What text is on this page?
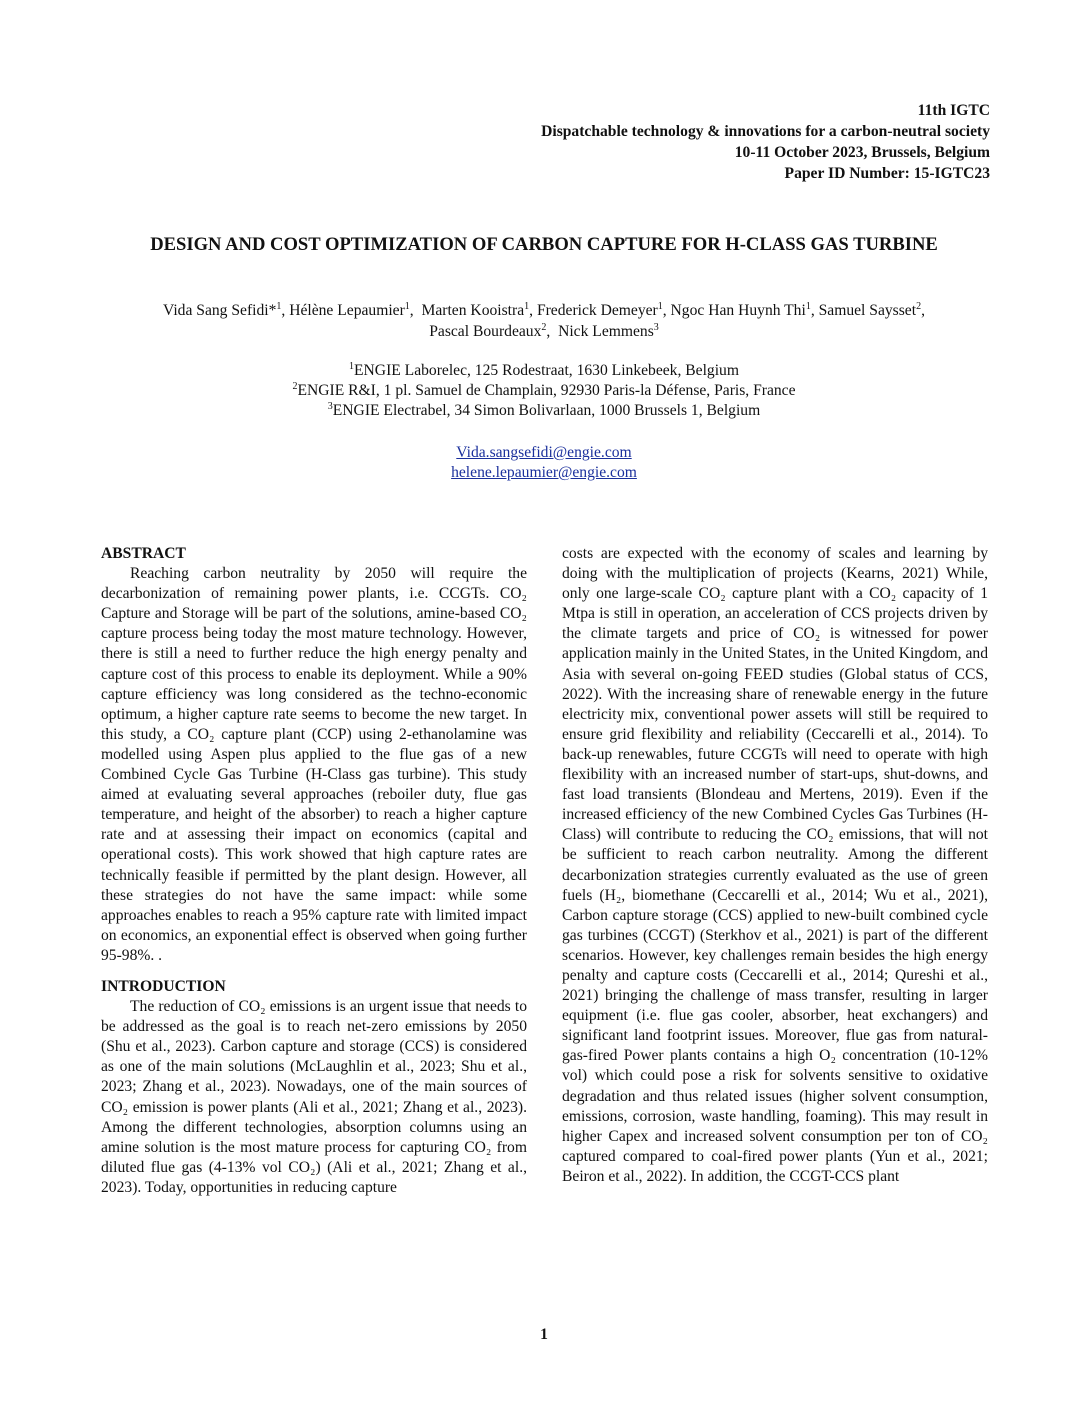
11th IGTC
Dispatchable technology & innovations for a carbon-neutral society
10-11 October 2023, Brussels, Belgium
Paper ID Number: 15-IGTC23
DESIGN AND COST OPTIMIZATION OF CARBON CAPTURE FOR H-CLASS GAS TURBINE
Vida Sang Sefidi*$^1$, Hélène Lepaumier$^1$,  Marten Kooistra$^1$, Frederick Demeyer$^1$, Ngoc Han Huynh Thi$^1$, Samuel Saysset$^2$,
Pascal Bourdeaux$^2$,  Nick Lemmens$^3$
$^1$ENGIE Laborelec, 125 Rodestraat, 1630 Linkebeek, Belgium
$^2$ENGIE R&I, 1 pl. Samuel de Champlain, 92930 Paris-la Défense, Paris, France
$^3$ENGIE Electrabel, 34 Simon Bolivarlaan, 1000 Brussels 1, Belgium
Vida.sangsefidi@engie.com
helene.lepaumier@engie.com
ABSTRACT

Reaching carbon neutrality by 2050 will require the decarbonization of remaining power plants, i.e. CCGTs. CO₂ Capture and Storage will be part of the solutions, amine-based CO₂ capture process being today the most mature technology. However, there is still a need to further reduce the high energy penalty and capture cost of this process to enable its deployment. While a 90% capture efficiency was long considered as the techno-economic optimum, a higher capture rate seems to become the new target. In this study, a CO₂ capture plant (CCP) using 2-ethanolamine was modelled using Aspen plus applied to the flue gas of a new Combined Cycle Gas Turbine (H-Class gas turbine). This study aimed at evaluating several approaches (reboiler duty, flue gas temperature, and height of the absorber) to reach a higher capture rate and at assessing their impact on economics (capital and operational costs). This work showed that high capture rates are technically feasible if permitted by the plant design. However, all these strategies do not have the same impact: while some approaches enables to reach a 95% capture rate with limited impact on economics, an exponential effect is observed when going further 95-98%. .

INTRODUCTION

The reduction of CO₂ emissions is an urgent issue that needs to be addressed as the goal is to reach net-zero emissions by 2050 (Shu et al., 2023). Carbon capture and storage (CCS) is considered as one of the main solutions (McLaughlin et al., 2023; Shu et al., 2023; Zhang et al., 2023). Nowadays, one of the main sources of CO₂ emission is power plants (Ali et al., 2021; Zhang et al., 2023). Among the different technologies, absorption columns using an amine solution is the most mature process for capturing CO₂ from diluted flue gas (4-13% vol CO₂) (Ali et al., 2021; Zhang et al., 2023). Today, opportunities in reducing capture

costs are expected with the economy of scales and learning by doing with the multiplication of projects (Kearns, 2021) While, only one large-scale CO₂ capture plant with a CO₂ capacity of 1 Mtpa is still in operation, an acceleration of CCS projects driven by the climate targets and price of CO₂ is witnessed for power application mainly in the United States, in the United Kingdom, and Asia with several on-going FEED studies (Global status of CCS, 2022). With the increasing share of renewable energy in the future electricity mix, conventional power assets will still be required to ensure grid flexibility and reliability (Ceccarelli et al., 2014). To back-up renewables, future CCGTs will need to operate with high flexibility with an increased number of start-ups, shut-downs, and fast load transients (Blondeau and Mertens, 2019). Even if the increased efficiency of the new Combined Cycles Gas Turbines (H-Class) will contribute to reducing the CO₂ emissions, that will not be sufficient to reach carbon neutrality. Among the different decarbonization strategies currently evaluated as the use of green fuels (H₂, biomethane (Ceccarelli et al., 2014; Wu et al., 2021), Carbon capture storage (CCS) applied to new-built combined cycle gas turbines (CCGT) (Sterkhov et al., 2021) is part of the different scenarios. However, key challenges remain besides the high energy penalty and capture costs (Ceccarelli et al., 2014; Qureshi et al., 2021) bringing the challenge of mass transfer, resulting in larger equipment (i.e. flue gas cooler, absorber, heat exchangers) and significant land footprint issues. Moreover, flue gas from natural-gas-fired Power plants contains a high O₂ concentration (10-12% vol) which could pose a risk for solvents sensitive to oxidative degradation and thus related issues (higher solvent consumption, emissions, corrosion, waste handling, foaming). This may result in higher Capex and increased solvent consumption per ton of CO₂ captured compared to coal-fired power plants (Yun et al., 2021; Beiron et al., 2022). In addition, the CCGT-CCS plant

1
